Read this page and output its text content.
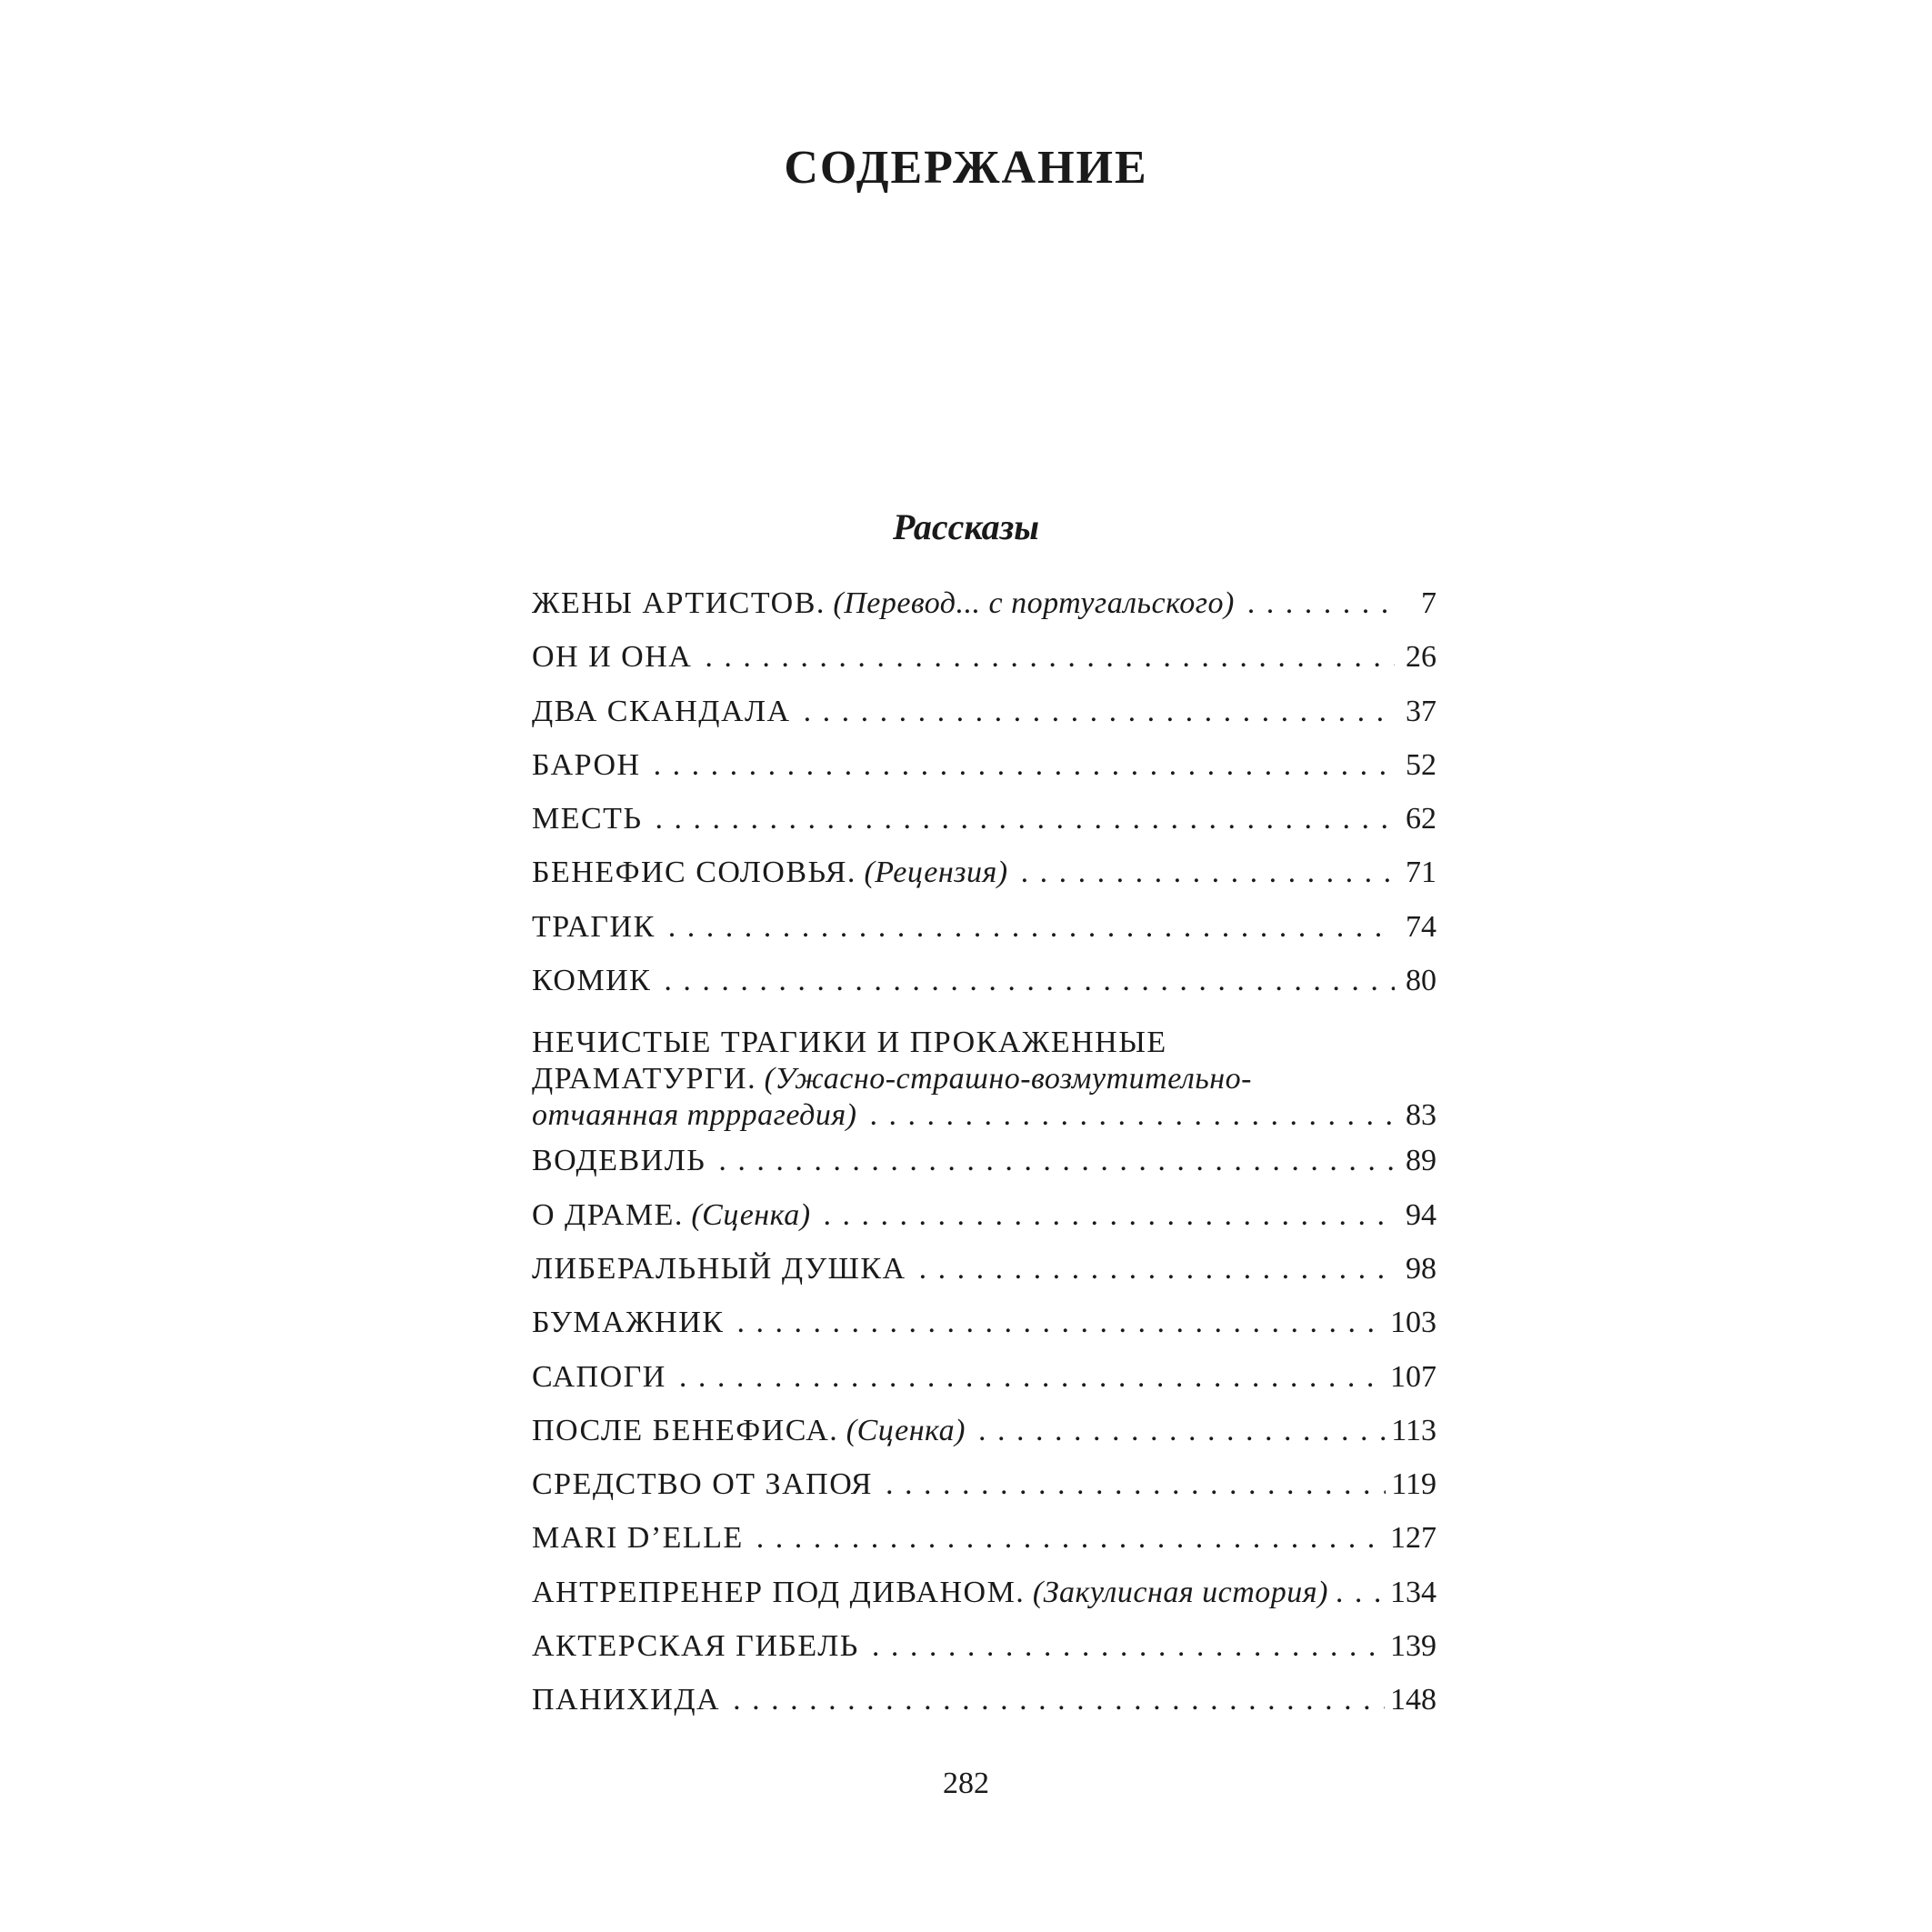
СОДЕРЖАНИЕ
Рассказы
ЖЕНЫ АРТИСТОВ.
(Перевод... с португальского) . . .	7
ОН И ОНА . . .	26
ДВА СКАНДАЛА . . .	37
БАРОН . . .	52
МЕСТЬ . . .	62
БЕНЕФИС СОЛОВЬЯ.
(Рецензия) . . .	71
ТРАГИК . . .	74
КОМИК . . .	80
НЕЧИСТЫЕ ТРАГИКИ И ПРОКАЖЕННЫЕ
ДРАМАТУРГИ. (Ужасно-страшно-возмутительно-
отчаянная трррагедия) . . .	83
ВОДЕВИЛЬ . . .	89
О ДРАМЕ.
(Сценка) . . .	94
ЛИБЕРАЛЬНЫЙ ДУШКА . . .	98
БУМАЖНИК . . .	103
САПОГИ . . .	107
ПОСЛЕ БЕНЕФИСА.
(Сценка) . . .	113
СРЕДСТВО ОТ ЗАПОЯ . . .	119
MARI D’ELLE . . .	127
АНТРЕПРЕНЕР ПОД ДИВАНОМ.
(Закулисная история) . . . 134
АКТЕРСКАЯ ГИБЕЛЬ . . .	139
ПАНИХИДА . . .	148
282
